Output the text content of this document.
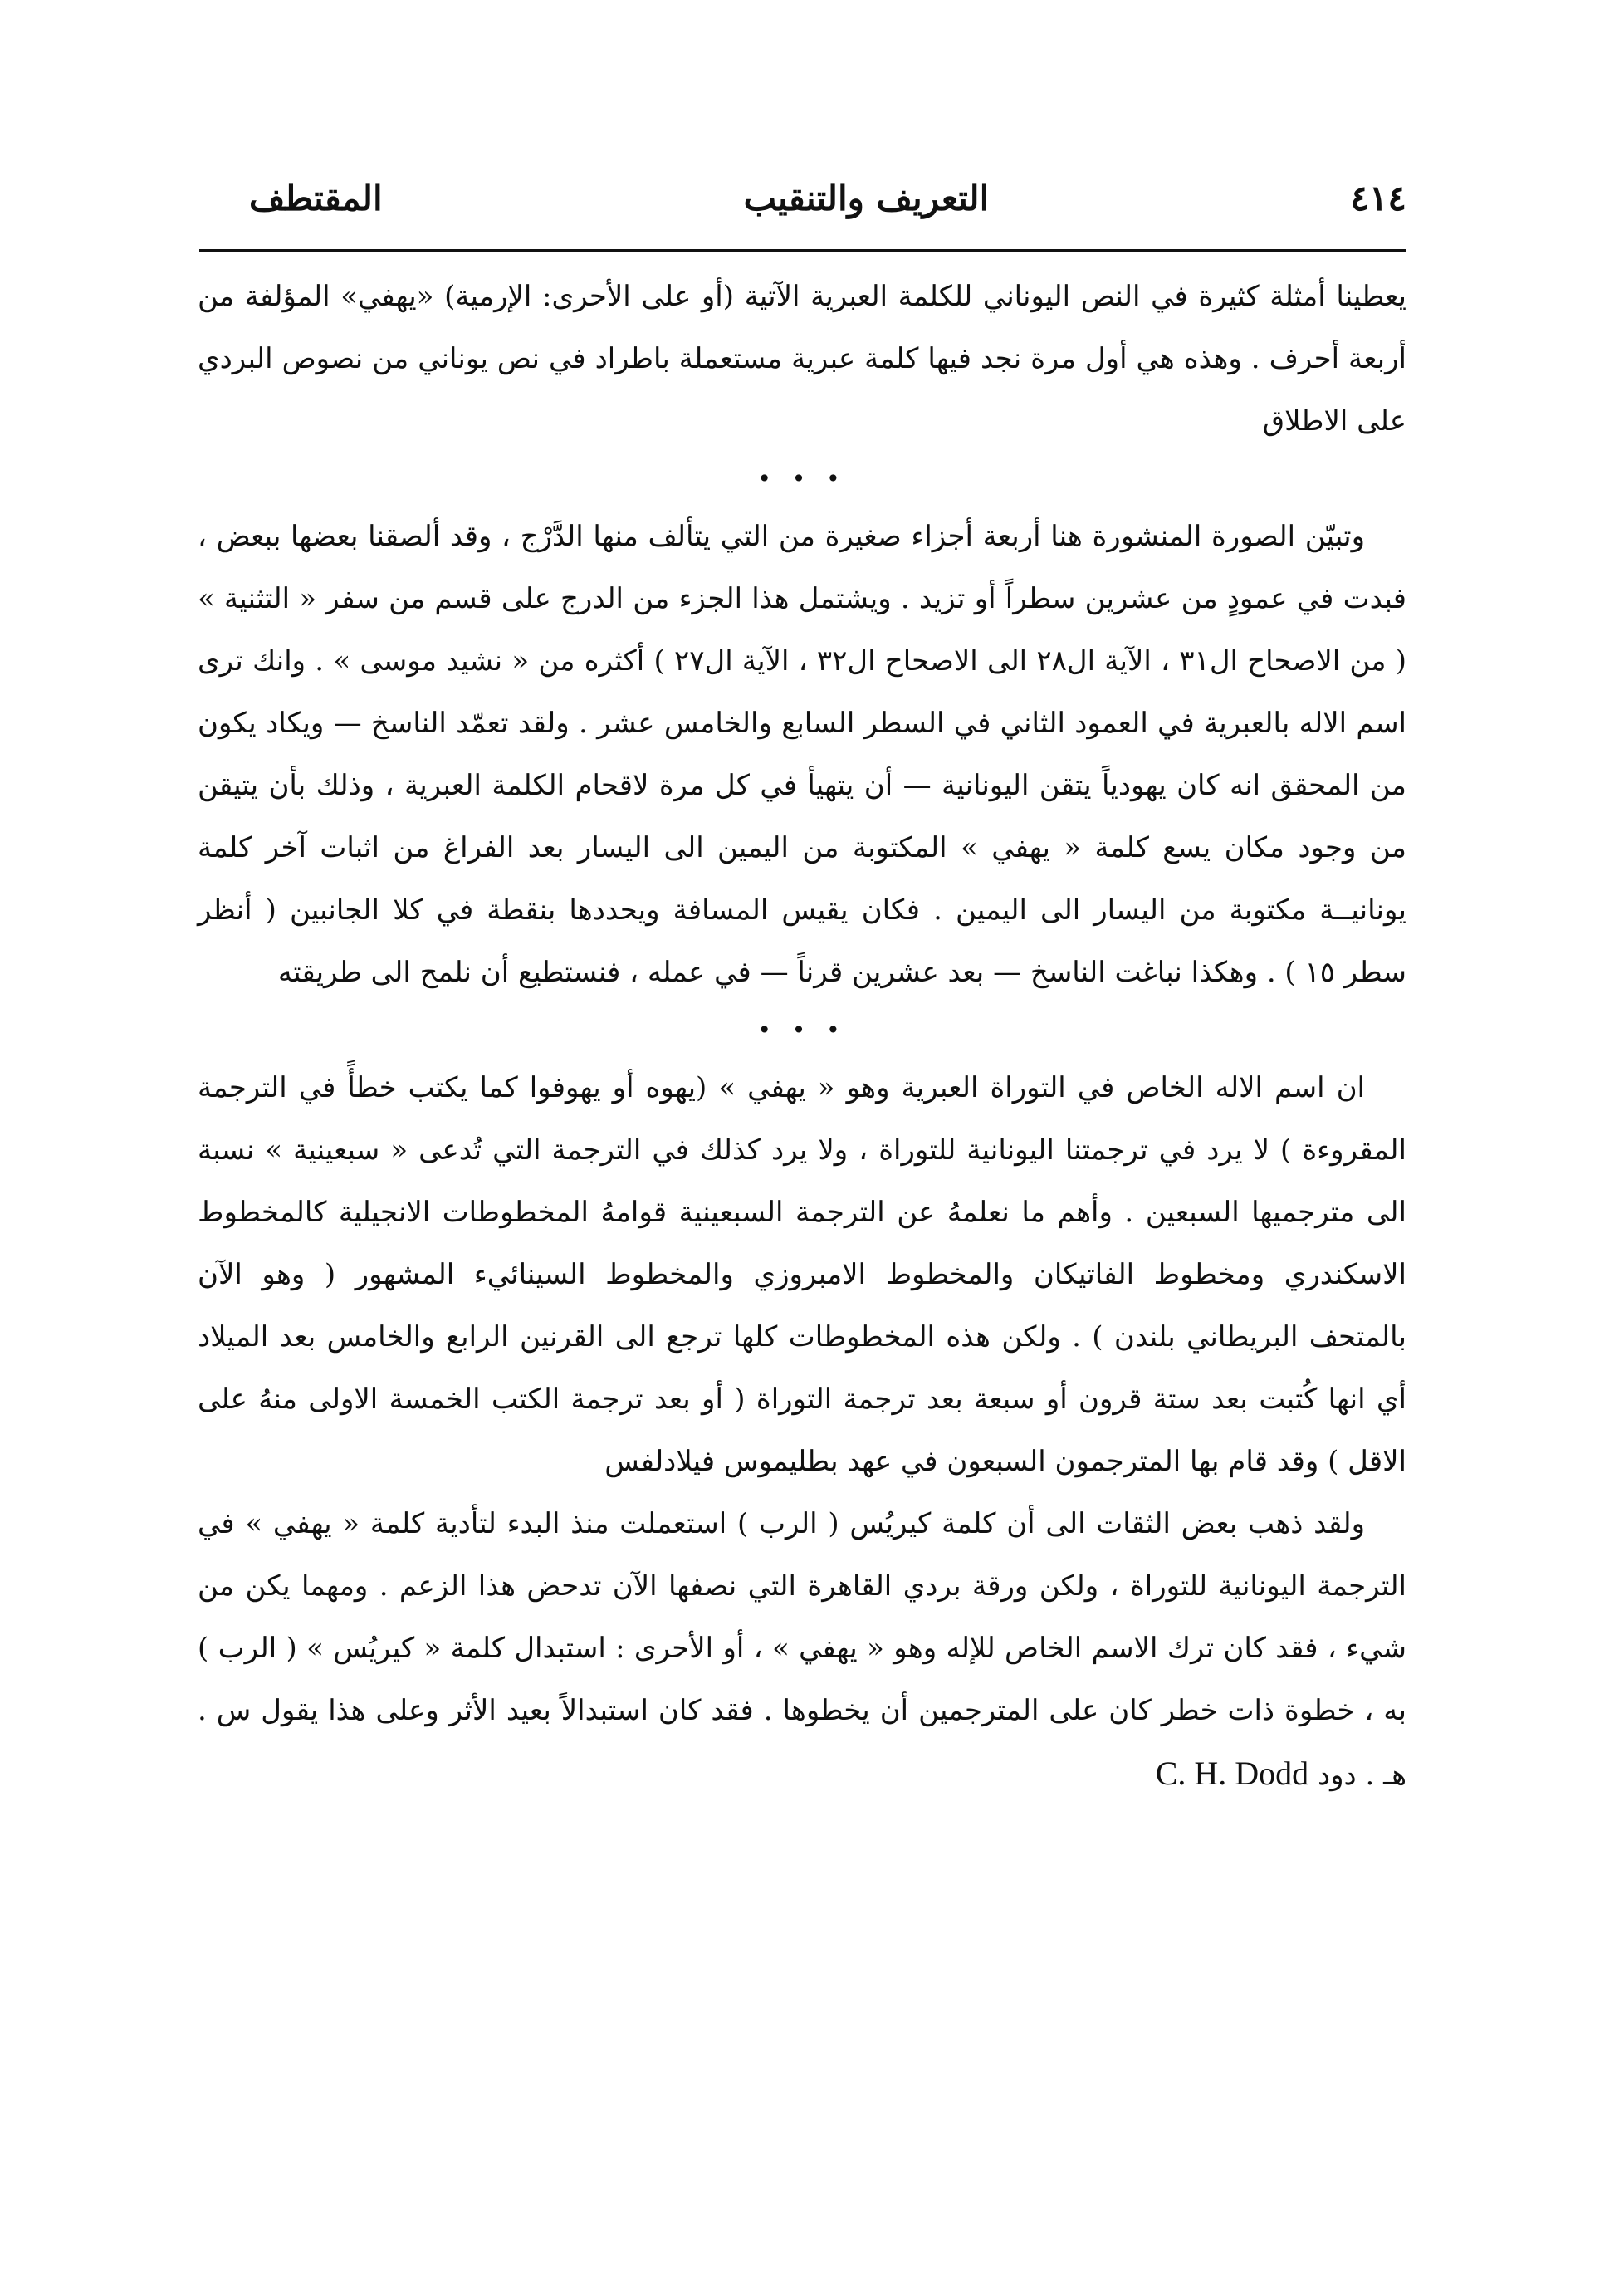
٤١٤
التعريف والتنقيب
المقتطف

يعطينا أمثلة كثيرة في النص اليوناني للكلمة العبرية الآتية (أو على الأحرى: الإرمية) «يهفي» المؤلفة من أربعة أحرف . وهذه هي أول مرة نجد فيها كلمة عبرية مستعملة باطراد في نص يوناني من نصوص البردي على الاطلاق

• • •

وتبيّن الصورة المنشورة هنا أربعة أجزاء صغيرة من التي يتألف منها الدَّرْج ، وقد ألصقنا بعضها ببعض ، فبدت في عمودٍ من عشرين سطراً أو تزيد . ويشتمل هذا الجزء من الدرج على قسم من سفر « التثنية » ( من الاصحاح ال٣١ ، الآية ال٢٨ الى الاصحاح ال٣٢ ، الآية ال٢٧ ) أكثره من « نشيد موسى » . وانك ترى اسم الاله بالعبرية في العمود الثاني في السطر السابع والخامس عشر . ولقد تعمّد الناسخ — ويكاد يكون من المحقق انه كان يهودياً يتقن اليونانية — أن يتهيأ في كل مرة لاقحام الكلمة العبرية ، وذلك بأن يتيقن من وجود مكان يسع كلمة « يهفي » المكتوبة من اليمين الى اليسار بعد الفراغ من اثبات آخر كلمة يونانيــة مكتوبة من اليسار الى اليمين . فكان يقيس المسافة ويحددها بنقطة في كلا الجانبين ( أنظر سطر ١٥ ) . وهكذا نباغت الناسخ — بعد عشرين قرناً — في عمله ، فنستطيع أن نلمح الى طريقته

• • •

ان اسم الاله الخاص في التوراة العبرية وهو « يهفي » (يهوه أو يهوفوا كما يكتب خطأً في الترجمة المقروءة ) لا يرد في ترجمتنا اليونانية للتوراة ، ولا يرد كذلك في الترجمة التي تُدعى « سبعينية » نسبة الى مترجميها السبعين . وأهم ما نعلمهُ عن الترجمة السبعينية قوامهُ المخطوطات الانجيلية كالمخطوط الاسكندري ومخطوط الفاتيكان والمخطوط الامبروزي والمخطوط السينائيء المشهور ( وهو الآن بالمتحف البريطاني بلندن ) . ولكن هذه المخطوطات كلها ترجع الى القرنين الرابع والخامس بعد الميلاد أي انها كُتبت بعد ستة قرون أو سبعة بعد ترجمة التوراة ( أو بعد ترجمة الكتب الخمسة الاولى منهُ على الاقل ) وقد قام بها المترجمون السبعون في عهد بطليموس فيلادلفس

ولقد ذهب بعض الثقات الى أن كلمة كيريُس ( الرب ) استعملت منذ البدء لتأدية كلمة « يهفي » في الترجمة اليونانية للتوراة ، ولكن ورقة بردي القاهرة التي نصفها الآن تدحض هذا الزعم . ومهما يكن من شيء ، فقد كان ترك الاسم الخاص للإله وهو « يهفي » ، أو الأحرى : استبدال كلمة « كيريُس » ( الرب ) به ، خطوة ذات خطر كان على المترجمين أن يخطوها . فقد كان استبدالاً بعيد الأثر وعلى هذا يقول س . هـ . دود C. H. Dodd
